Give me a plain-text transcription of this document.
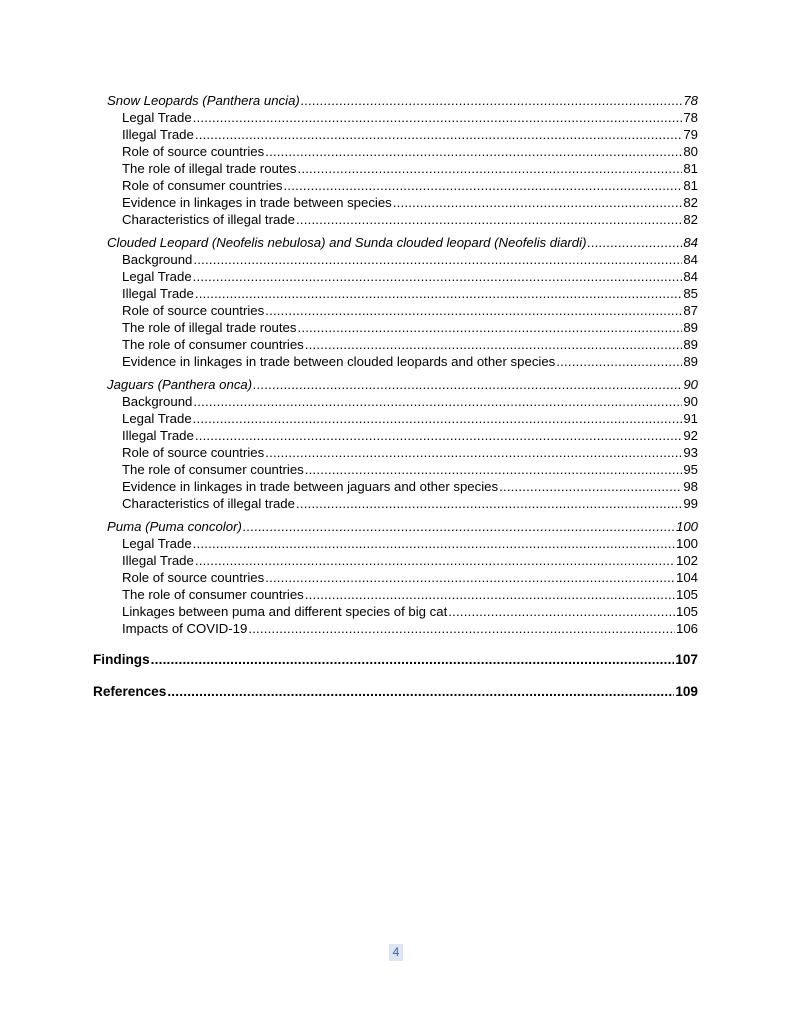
Snow Leopards (Panthera uncia) .....	78
Legal Trade .....	78
Illegal Trade .....	79
Role of source countries .....	80
The role of illegal trade routes .....	81
Role of consumer countries .....	81
Evidence in linkages in trade between species .....	82
Characteristics of illegal trade .....	82
Clouded Leopard (Neofelis nebulosa) and Sunda clouded leopard (Neofelis diardi) .....	84
Background .....	84
Legal Trade .....	84
Illegal Trade .....	85
Role of source countries .....	87
The role of illegal trade routes .....	89
The role of consumer countries .....	89
Evidence in linkages in trade between clouded leopards and other species .....	89
Jaguars (Panthera onca) .....	90
Background .....	90
Legal Trade .....	91
Illegal Trade .....	92
Role of source countries .....	93
The role of consumer countries .....	95
Evidence in linkages in trade between jaguars and other species .....	98
Characteristics of illegal trade .....	99
Puma (Puma concolor) .....	100
Legal Trade .....	100
Illegal Trade .....	102
Role of source countries .....	104
The role of consumer countries .....	105
Linkages between puma and different species of big cat .....	105
Impacts of COVID-19 .....	106
Findings .....	107
References .....	109
4
